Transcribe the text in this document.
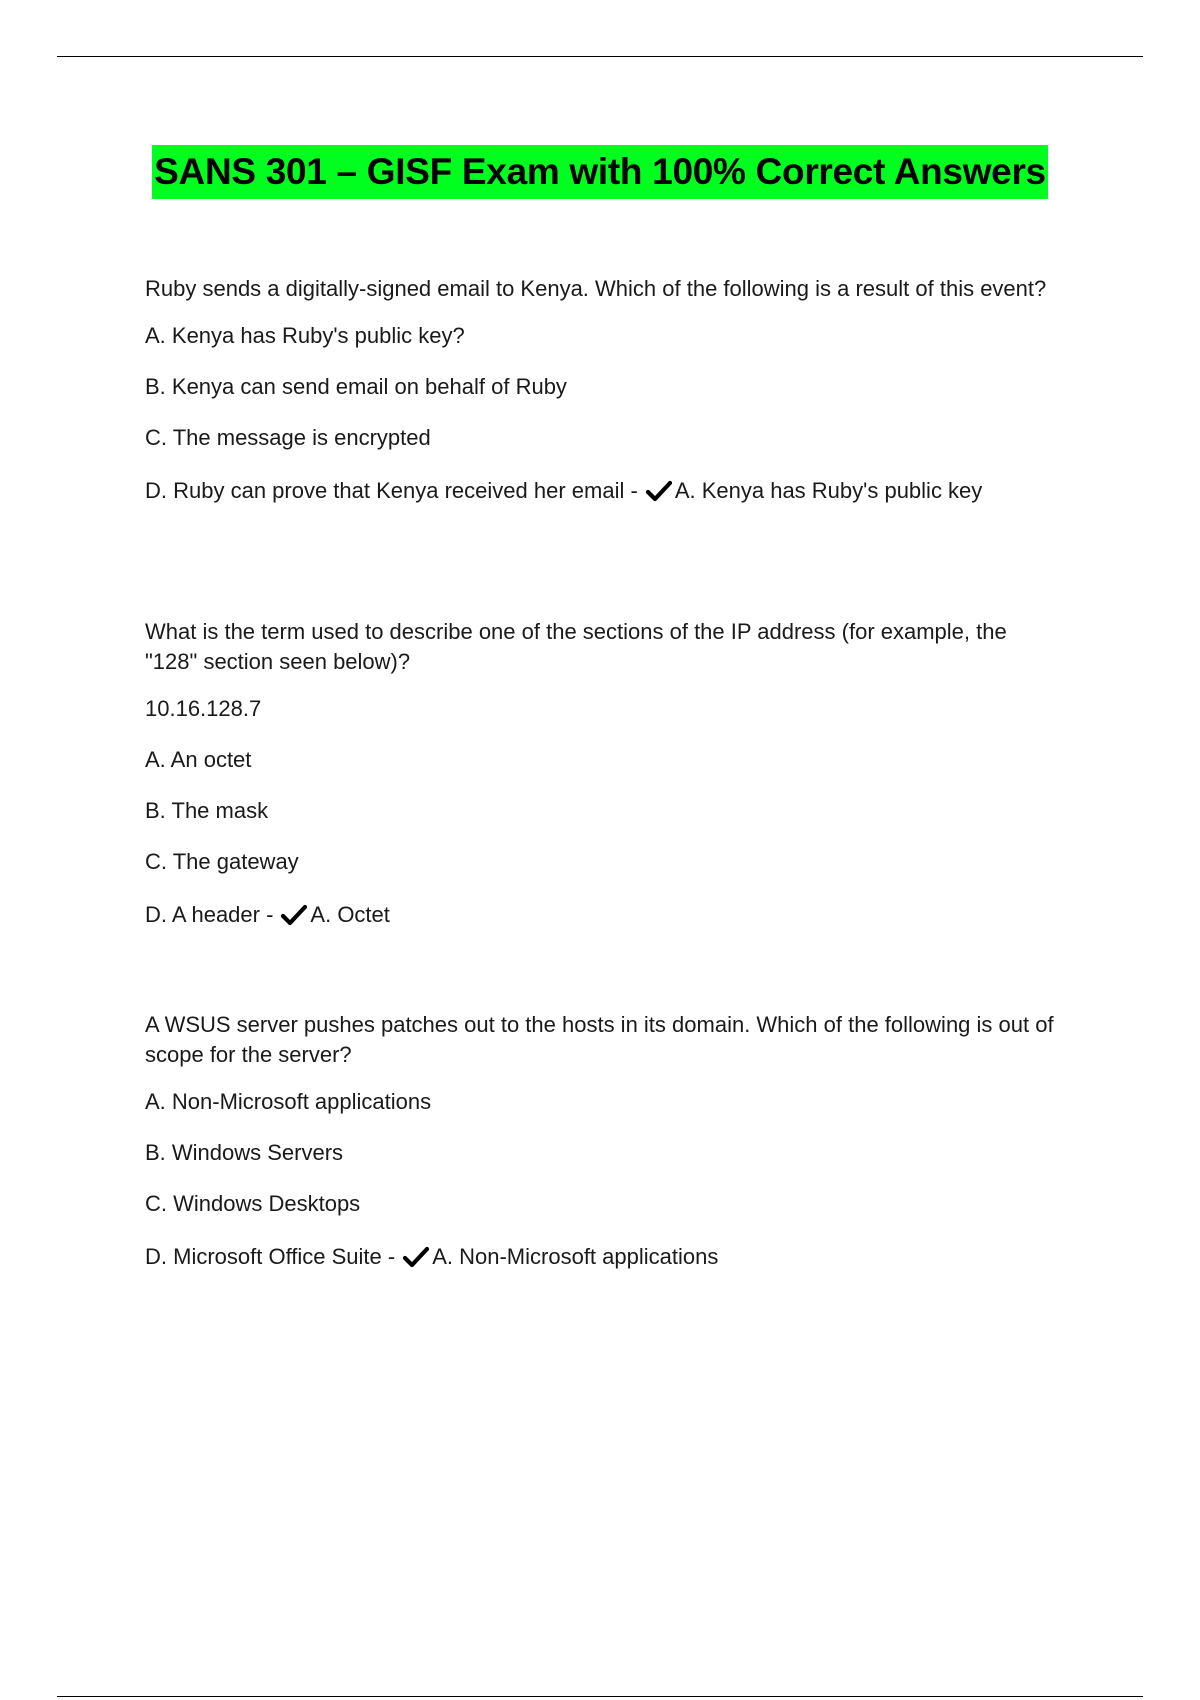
SANS 301 – GISF Exam with 100% Correct Answers

Ruby sends a digitally-signed email to Kenya. Which of the following is a result of this event?

A. Kenya has Ruby's public key?
B. Kenya can send email on behalf of Ruby
C. The message is encrypted
D. Ruby can prove that Kenya received her email - A. Kenya has Ruby's public key

What is the term used to describe one of the sections of the IP address (for example, the "128" section seen below)?

10.16.128.7
A. An octet
B. The mask
C. The gateway
D. A header - A. Octet

A WSUS server pushes patches out to the hosts in its domain. Which of the following is out of scope for the server?

A. Non-Microsoft applications
B. Windows Servers
C. Windows Desktops
D. Microsoft Office Suite - A. Non-Microsoft applications
